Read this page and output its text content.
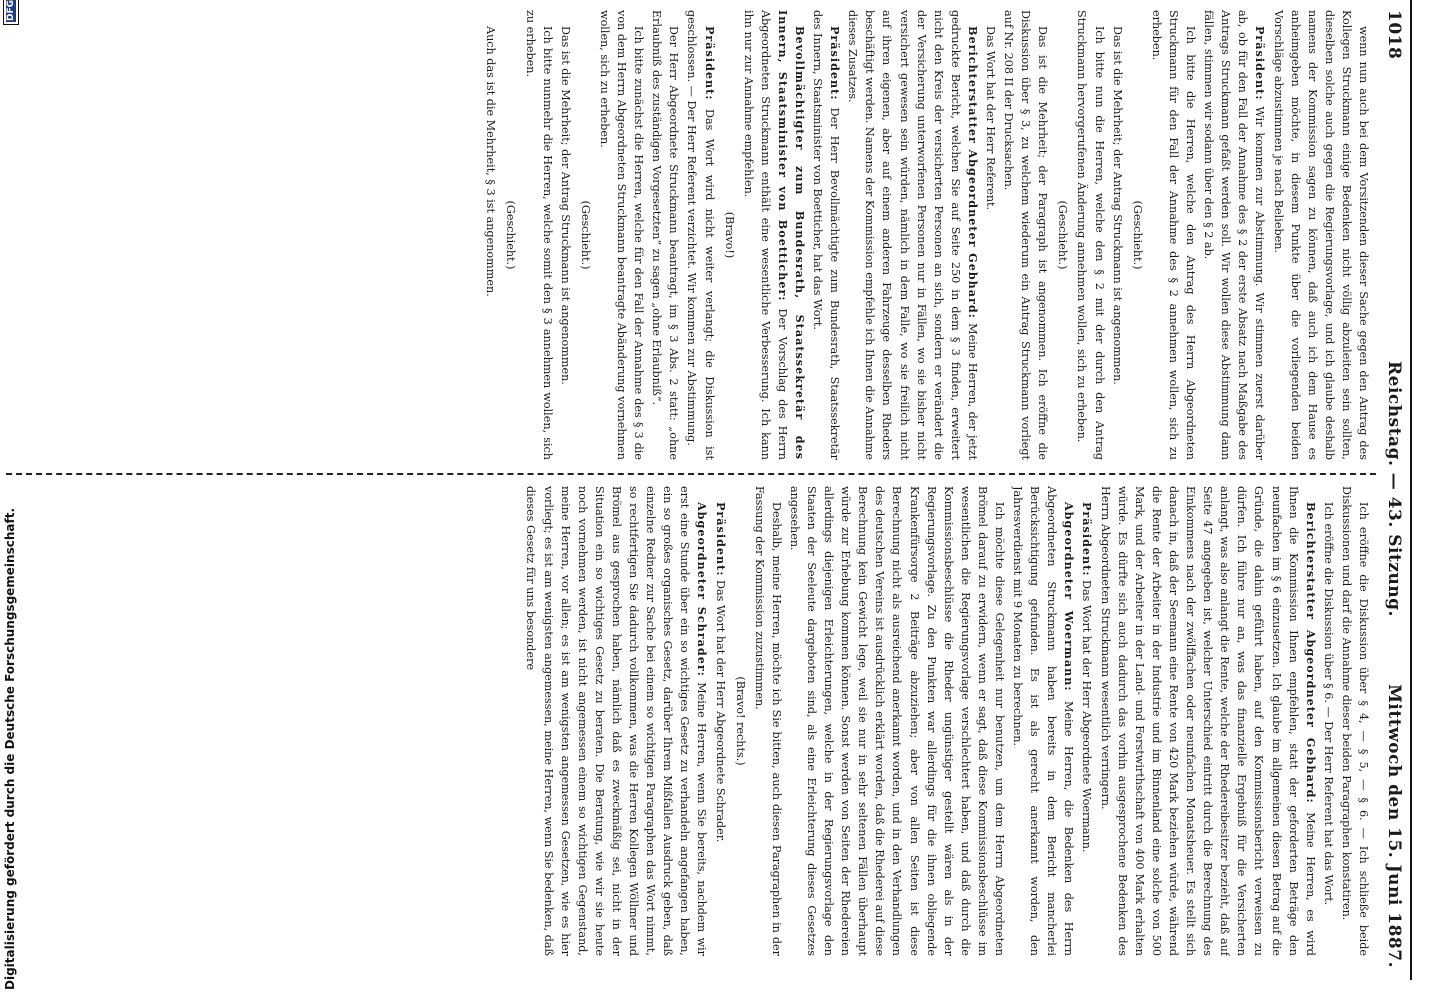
1018
Reichstag. — 43. Sitzung.
Mittwoch den 15. Juni 1887.

wenn nun auch bei dem Vorsitzenden dieser Sache gegen den Antrag des Kollegen Struckmann einige Bedenken nicht völlig abzuleiten sein sollten, dieselben solche auch gegen die Regierungsvorlage, und ich glaube deshalb namens der Kommission sagen zu können, daß auch ich dem Hause es anheimgeben möchte, in diesem Punkte über die vorliegenden beiden Vorschläge abzustimmen je nach Belieben.

Präsident: Wir kommen zur Abstimmung. Wir stimmen zuerst darüber ab, ob für den Fall der Annahme des § 2 der erste Absatz nach Maßgabe des Antrags Struckmann gefaßt werden soll. Wir wollen diese Abstimmung dann fällen, stimmen wir sodann über den § 2 ab.

Ich bitte die Herren, welche den Antrag des Herrn Abgeordneten Struckmann für den Fall der Annahme des § 2 annehmen wollen, sich zu erheben.

(Geschieht.)

Das ist die Mehrheit; der Antrag Struckmann ist angenommen.

Ich bitte nun die Herren, welche den § 2 mit der durch den Antrag Struckmann hervorgerufenen Änderung annehmen wollen, sich zu erheben.

(Geschieht.)

Das ist die Mehrheit; der Paragraph ist angenommen. Ich eröffne die Diskussion über § 3, zu welchem wiederum ein Antrag Struckmann vorliegt auf Nr. 208 II der Drucksachen.

Das Wort hat der Herr Referent.

Berichterstatter Abgeordneter Gebhard: Meine Herren, der jetzt gedruckte Bericht, welchen Sie auf Seite 250 in dem § 3 finden, erweitert nicht den Kreis der versicherten Personen an sich, sondern er verändert die der Versicherung unterworfenen Personen nur in Fällen, wo sie bisher nicht versichert gewesen sein würden, nämlich in dem Falle, wo sie freilich nicht auf ihren eigenen, aber auf einem anderen Fahrzeuge desselben Rheders beschäftigt werden. Namens der Kommission empfehle ich Ihnen die Annahme dieses Zusatzes.

Präsident: Der Herr Bevollmächtigte zum Bundesrath, Staatssekretär des Innern, Staatsminister von Boetticher, hat das Wort.

Bevollmächtigter zum Bundesrath, Staatssekretär des Innern, Staatsminister von Boetticher: Der Vorschlag des Herrn Abgeordneten Struckmann enthält eine wesentliche Verbesserung. Ich kann ihn nur zur Annahme empfehlen.

(Bravo!)

Präsident: Das Wort wird nicht weiter verlangt; die Diskussion ist geschlossen. — Der Herr Referent verzichtet. Wir kommen zur Abstimmung.

Der Herr Abgeordnete Struckmann beantragt, im § 3 Abs. 2 statt: „ohne Erlaubniß des zuständigen Vorgesetzten“ zu sagen „ohne Erlaubniß“.

Ich bitte zunächst die Herren, welche für den Fall der Annahme des § 3 die von dem Herrn Abgeordneten Struckmann beantragte Abänderung vornehmen wollen, sich zu erheben.

(Geschieht.)

Das ist die Mehrheit; der Antrag Struckmann ist angenommen.

Ich bitte nunmehr die Herren, welche somit den § 3 annehmen wollen, sich zu erheben.

(Geschieht.)

Auch das ist die Mehrheit, § 3 ist angenommen.

Ich eröffne die Diskussion über § 4, — § 5, — § 6. — Ich schließe beide Diskussionen und darf die Annahme dieser beiden Paragraphen konstatiren.

Ich eröffne die Diskussion über § 6. — Der Herr Referent hat das Wort.

Berichterstatter Abgeordneter Gebhard: Meine Herren, es wird Ihnen die Kommission Ihnen empfehlen, statt der geforderten Beträge den neunfachen im § 6 einzusetzen. Ich glaube im allgemeinen diesen Betrag auf die Gründe, die dahin geführt haben, auf den Kommissionsbericht verweisen zu dürfen. Ich führe nur an, was das finanzielle Ergebniß für die Versicherten anlangt, was also anlangt die Rente, welche der Rhedereibesitzer bezieht, daß auf Seite 47 angegeben ist, welcher Unterschied eintritt durch die Berechnung des Einkommens nach der zwölffachen oder neunfachen Monatsheuer. Es stellt sich danach in, daß der Seemann eine Rente von 420 Mark beziehen würde, während die Rente der Arbeiter in der Industrie und im Binnenland eine solche von 500 Mark, und der Arbeiter in der Land- und Forstwirthschaft von 400 Mark erhalten würde. Es dürfte sich auch dadurch das vorhin ausgesprochene Bedenken des Herrn Abgeordneten Struckmann wesentlich verringern.

Präsident: Das Wort hat der Herr Abgeordnete Woermann.

Abgeordneter Woermann: Meine Herren, die Bedenken des Herrn Abgeordneten Struckmann haben bereits in dem Bericht mancherlei Berücksichtigung gefunden. Es ist als gerecht anerkannt worden, den Jahresverdienst mit 9 Monaten zu berechnen.

Ich möchte diese Gelegenheit nur benutzen, um dem Herrn Abgeordneten Brömel darauf zu erwidern, wenn er sagt, daß diese Kommissionsbeschlüsse im wesentlichen die Regierungsvorlage verschlechtert haben, und daß durch die Kommissionsbeschlüsse die Rheder ungünstiger gestellt wären als in der Regierungsvorlage. Zu den Punkten war allerdings für die ihnen obliegende Krankenfürsorge 2 Beiträge abzuziehen; aber von allen Seiten ist diese Berechnung nicht als ausreichend anerkannt worden, und in den Verhandlungen des deutschen Vereins ist ausdrücklich erklärt worden, daß die Rhederei auf diese Berechnung kein Gewicht lege, weil sie nur in sehr seltenen Fällen überhaupt würde zur Erhebung kommen können. Sonst werden von Seiten der Rhedereien allerdings diejenigen Erleichterungen, welche in der Regierungsvorlage den Staaten der Seeleute dargeboten sind, als eine Erleichterung dieses Gesetzes angesehen.

Deshalb, meine Herren, möchte ich Sie bitten, auch diesen Paragraphen in der Fassung der Kommission zuzustimmen.

(Bravo! rechts.)

Präsident: Das Wort hat der Herr Abgeordnete Schrader.

Abgeordneter Schrader: Meine Herren, wenn Sie bereits, nachdem wir erst eine Stunde über ein so wichtiges Gesetz zu verhandeln angefangen haben, ein so großes organisches Gesetz, darüber Ihrem Mißfallen Ausdruck geben, daß einzelne Redner zur Sache bei einem so wichtigen Paragraphen das Wort nimmt, so rechtfertigen Sie dadurch vollkommen, was die Herren Kollegen Wöllmer und Brömel aus gesprochen haben, nämlich daß es zweckmäßig sei, nicht in der Situation ein so wichtiges Gesetz zu beraten. Die Beratung, wie wir sie heute noch vornehmen werden, ist nicht angemessen einem so wichtigen Gegenstand, meine Herren, vor allen; es ist am wenigsten angemessen Gesetzen, wie es hier vorliegt; es ist am wenigsten angemessen, meine Herren, wenn Sie bedenken, daß dieses Gesetz für uns besondere

Digitalisierung gefördert durch die Deutsche Forschungsgemeinschaft.
DFG
